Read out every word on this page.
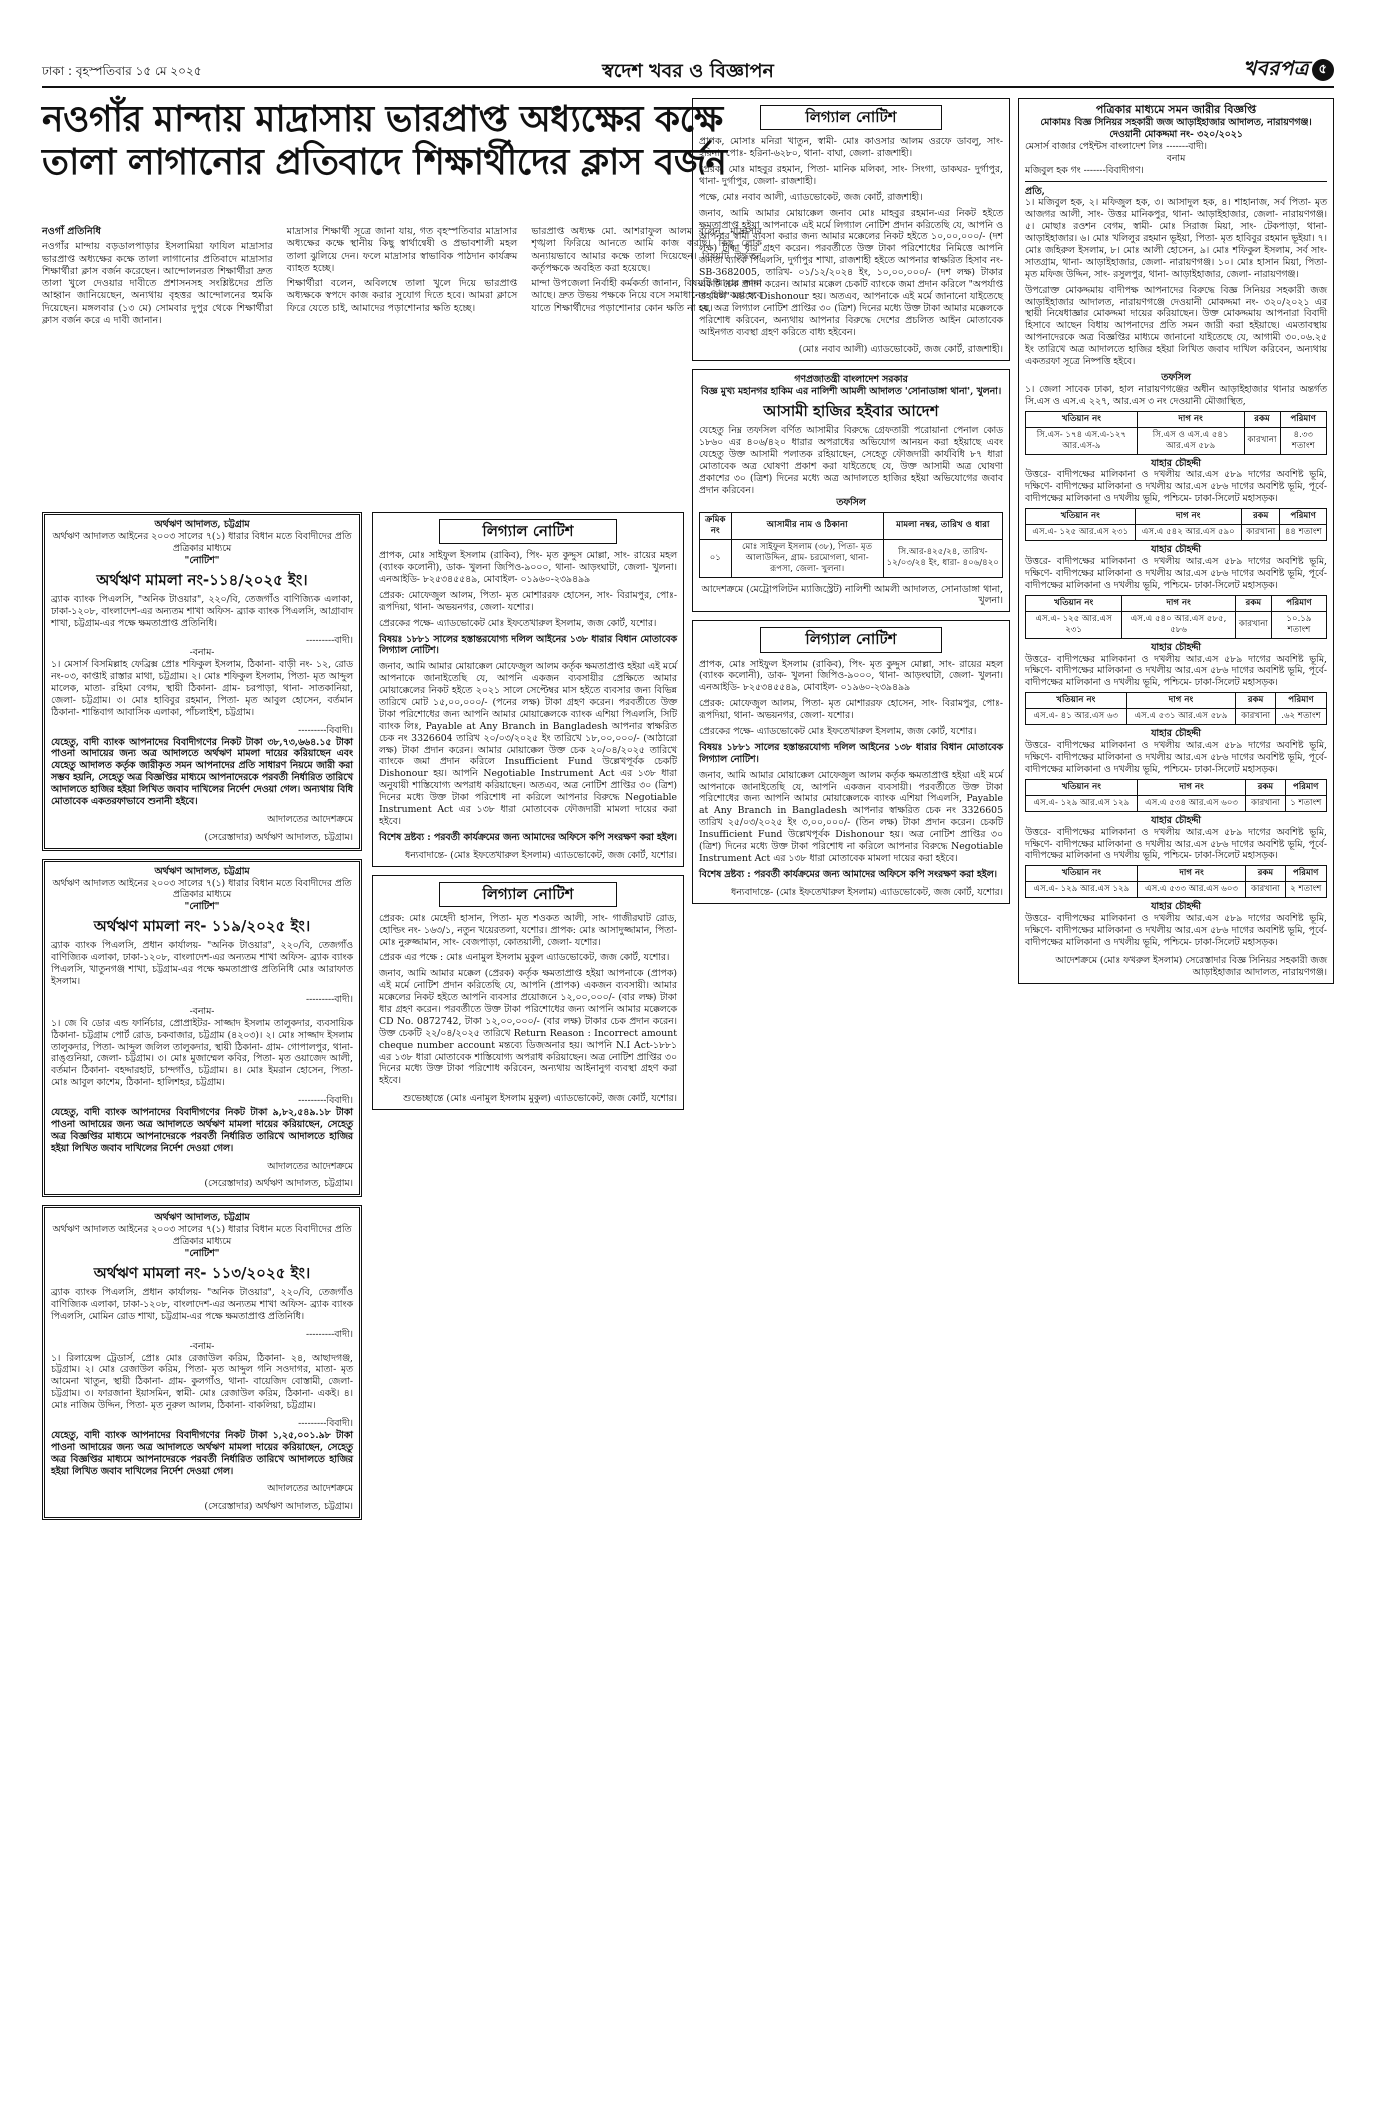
ঢাকা : বৃহস্পতিবার ১৫ মে ২০২৫	স্বদেশ খবর ও বিজ্ঞাপন	খবরপত্র ৫
নওগাঁর মান্দায় মাদ্রাসায় ভারপ্রাপ্ত অধ্যক্ষের কক্ষে তালা লাগানোর প্রতিবাদে শিক্ষার্থীদের ক্লাস বর্জন

নওগাঁ প্রতিনিধি

নওগাঁর মান্দায় বড়ডালপাড়ার ইসলামিয়া ফাযিল মাদ্রাসার ভারপ্রাপ্ত অধ্যক্ষের কক্ষে তালা লাগানোর প্রতিবাদে মাদ্রাসার শিক্ষার্থীরা ক্লাস বর্জন করেছেন। আন্দোলনরত শিক্ষার্থীরা দ্রুত তালা খুলে দেওয়ার দাবীতে প্রশাসনসহ সংশ্লিষ্টদের প্রতি আহ্বান জানিয়েছেন, অন্যথায় বৃহত্তর আন্দোলনের হুমকি দিয়েছেন। মঙ্গলবার (১৩ মে) সোমবার দুপুর থেকে শিক্ষার্থীরা ক্লাস বর্জন করে এ দাবী জানান।

মাদ্রাসার শিক্ষার্থী সূত্রে জানা যায়, গত বৃহস্পতিবার মাদ্রাসার অধ্যক্ষের কক্ষে স্থানীয় কিছু স্বার্থান্বেষী ও প্রভাবশালী মহল তালা ঝুলিয়ে দেন। ফলে মাদ্রাসার স্বাভাবিক পাঠদান কার্যক্রম ব্যাহত হচ্ছে।

শিক্ষার্থীরা বলেন, অবিলম্বে তালা খুলে দিয়ে ভারপ্রাপ্ত অধ্যক্ষকে স্বপদে কাজ করার সুযোগ দিতে হবে। আমরা ক্লাসে ফিরে যেতে চাই, আমাদের পড়াশোনার ক্ষতি হচ্ছে।

ভারপ্রাপ্ত অধ্যক্ষ মো. আশরাফুল আলম বলেন, মাদ্রাসার শৃঙ্খলা ফিরিয়ে আনতে আমি কাজ করছি। কিছু লোক অন্যায়ভাবে আমার কক্ষে তালা দিয়েছেন। বিষয়টি উর্দ্ধতন কর্তৃপক্ষকে অবহিত করা হয়েছে।

মান্দা উপজেলা নির্বাহী কর্মকর্তা জানান, বিষয়টি আমার জানা আছে। দ্রুত উভয় পক্ষকে নিয়ে বসে সমাধানের চেষ্টা করা হবে যাতে শিক্ষার্থীদের পড়াশোনার কোন ক্ষতি না হয়।

অর্থঋণ আদালত, চট্টগ্রাম
অর্থঋণ আদালত আইনের ২০০৩ সালের ৭(১) ধারার বিধান মতে বিবাদীদের প্রতি প্রত্রিকার মাধ্যমে
"নোটিশ"
অর্থঋণ মামলা নং-১১৪/২০২৫ ইং।
ব্র্যাক ব্যাংক পিএলসি, "অনিক টাওয়ার", ২২০/বি, তেজগাঁও বাণিজ্যিক এলাকা, ঢাকা-১২০৮, বাংলাদেশ-এর অন্যতম শাখা অফিস- ব্র্যাক ব্যাংক পিএলসি, আগ্রাবাদ শাখা, চট্টগ্রাম-এর পক্ষে ক্ষমতাপ্রাপ্ত প্রতিনিধি।
---------বাদী।
-বনাম-
১। মেসার্স বিসমিল্লাহ ফেব্রিক্স প্রোঃ শফিকুল ইসলাম, ঠিকানা- বাড়ী নং- ১২, রোড নং-০৩, কাপ্তাই রাস্তার মাথা, চট্টগ্রাম। ২। মোঃ শফিকুল ইসলাম, পিতা- মৃত আব্দুল মালেক, মাতা- রহিমা বেগম, স্থায়ী ঠিকানা- গ্রাম- চরপাড়া, থানা- সাতকানিয়া, জেলা- চট্টগ্রাম। ৩। মোঃ হাবিবুর রহমান, পিতা- মৃত আবুল হোসেন, বর্তমান ঠিকানা- শান্তিবাগ আবাসিক এলাকা, পাঁচলাইশ, চট্টগ্রাম।
---------বিবাদী।
যেহেতু, বাদী ব্যাংক আপনাদের বিবাদীগণের নিকট টাকা ৩৮,৭৩,৬৬৪.১৫ টাকা পাওনা আদায়ের জন্য অত্র আদালতে অর্থঋণ মামলা দায়ের করিয়াছেন এবং যেহেতু আদালত কর্তৃক জারীকৃত সমন আপনাদের প্রতি সাধারণ নিয়মে জারী করা সম্ভব হয়নি, সেহেতু অত্র বিজ্ঞপ্তির মাধ্যমে আপনাদেরকে পরবর্তী নির্ধারিত তারিখে আদালতে হাজির হইয়া লিখিত জবাব দাখিলের নির্দেশ দেওয়া গেল। অন্যথায় বিধি মোতাবেক একতরফাভাবে শুনানী হইবে।
আদালতের আদেশক্রমে
(সেরেস্তাদার) অর্থঋণ আদালত, চট্টগ্রাম।
অর্থঋণ আদালত, চট্টগ্রাম
অর্থঋণ আদালত আইনের ২০০৩ সালের ৭(১) ধারার বিধান মতে বিবাদীদের প্রতি প্রত্রিকার মাধ্যমে
"নোটিশ"
অর্থঋণ মামলা নং- ১১৯/২০২৫ ইং।
ব্র্যাক ব্যাংক পিএলসি, প্রধান কার্যালয়- "অনিক টাওয়ার", ২২০/বি, তেজগাঁও বাণিজ্যিক এলাকা, ঢাকা-১২০৮, বাংলাদেশ-এর অন্যতম শাখা অফিস- ব্র্যাক ব্যাংক পিএলসি, খাতুনগঞ্জ শাখা, চট্টগ্রাম-এর পক্ষে ক্ষমতাপ্রাপ্ত প্রতিনিধি মোঃ আরাফাত ইসলাম।
---------বাদী।
-বনাম-
১। জে বি ডোর এন্ড ফার্নিচার, প্রোপ্রাইটর- সাজ্জাদ ইসলাম তালুকদার, ব্যবসায়িক ঠিকানা- চট্টগ্রাম পোর্ট রোড, চকবাজার, চট্টগ্রাম (৪২০৩)। ২। মোঃ সাজ্জাদ ইসলাম তালুকদার, পিতা- আব্দুল জলিল তালুকদার, স্থায়ী ঠিকানা- গ্রাম- গোপালপুর, থানা- রাঙ্গুনিয়া, জেলা- চট্টগ্রাম। ৩। মোঃ মুজাম্মেল কবির, পিতা- মৃত ওয়াজেদ আলী, বর্তমান ঠিকানা- বহদ্দারহাট, চান্দগাঁও, চট্টগ্রাম। ৪। মোঃ ইমরান হোসেন, পিতা- মোঃ আবুল কাশেম, ঠিকানা- হালিশহর, চট্টগ্রাম।
---------বিবাদী।
যেহেতু, বাদী ব্যাংক আপনাদের বিবাদীগণের নিকট টাকা ৯,৮২,৫৪৯.১৮ টাকা পাওনা আদায়ের জন্য অত্র আদালতে অর্থঋণ মামলা দায়ের করিয়াছেন, সেহেতু অত্র বিজ্ঞপ্তির মাধ্যমে আপনাদেরকে পরবর্তী নির্ধারিত তারিখে আদালতে হাজির হইয়া লিখিত জবাব দাখিলের নির্দেশ দেওয়া গেল।
আদালতের আদেশক্রমে
(সেরেস্তাদার) অর্থঋণ আদালত, চট্টগ্রাম।
অর্থঋণ আদালত, চট্টগ্রাম
অর্থঋণ আদালত আইনের ২০০৩ সালের ৭(১) ধারার বিধান মতে বিবাদীদের প্রতি প্রত্রিকার মাধ্যমে
"নোটিশ"
অর্থঋণ মামলা নং- ১১৩/২০২৫ ইং।
ব্র্যাক ব্যাংক পিএলসি, প্রধান কার্যালয়- "অনিক টাওয়ার", ২২০/বি, তেজগাঁও বাণিজ্যিক এলাকা, ঢাকা-১২০৮, বাংলাদেশ-এর অন্যতম শাখা অফিস- ব্র্যাক ব্যাংক পিএলসি, মোমিন রোড শাখা, চট্টগ্রাম-এর পক্ষে ক্ষমতাপ্রাপ্ত প্রতিনিধি।
---------বাদী।
-বনাম-
১। রিলায়েন্স ট্রেডার্স, প্রোঃ মোঃ রেজাউল করিম, ঠিকানা- ২৪, আছাদগঞ্জ, চট্টগ্রাম। ২। মোঃ রেজাউল করিম, পিতা- মৃত আব্দুল গনি সওদাগর, মাতা- মৃত আমেনা খাতুন, স্থায়ী ঠিকানা- গ্রাম- কুলগাঁও, থানা- বায়েজিদ বোস্তামী, জেলা- চট্টগ্রাম। ৩। ফারজানা ইয়াসমিন, স্বামী- মোঃ রেজাউল করিম, ঠিকানা- একই। ৪। মোঃ নাজিম উদ্দিন, পিতা- মৃত নুরুল আলম, ঠিকানা- বাকলিয়া, চট্টগ্রাম।
---------বিবাদী।
যেহেতু, বাদী ব্যাংক আপনাদের বিবাদীগণের নিকট টাকা ১,২৫,০০১.৯৮ টাকা পাওনা আদায়ের জন্য অত্র আদালতে অর্থঋণ মামলা দায়ের করিয়াছেন, সেহেতু অত্র বিজ্ঞপ্তির মাধ্যমে আপনাদেরকে পরবর্তী নির্ধারিত তারিখে আদালতে হাজির হইয়া লিখিত জবাব দাখিলের নির্দেশ দেওয়া গেল।
আদালতের আদেশক্রমে
(সেরেস্তাদার) অর্থঋণ আদালত, চট্টগ্রাম।
লিগ্যাল নোটিশ
প্রাপক, মোঃ সাইফুল ইসলাম (রাকিব), পিং- মৃত কুদ্দুস মোল্লা, সাং- রায়ের মহল (ব্যাংক কলোনী), ডাক- খুলনা জিপিও-৯০০০, থানা- আড়ংঘাটা, জেলা- খুলনা। এনআইডি- ৮২৫৩৪৫৫৪৯, মোবাইল- ০১৯৬০-২৩৯৪৯৯
প্রেরক: মোফেজুল আলম, পিতা- মৃত মোশাররফ হোসেন, সাং- বিরামপুর, পোঃ- রূপদিয়া, থানা- অভয়নগর, জেলা- যশোর।
প্রেরকের পক্ষে- এ্যাডভোকেট মোঃ ইফতেখারুল ইসলাম, জজ কোর্ট, যশোর।
বিষয়ঃ ১৮৮১ সালের হস্তান্তরযোগ্য দলিল আইনের ১৩৮ ধারার বিধান মোতাবেক লিগ্যাল নোটিশ।
জনাব, আমি আমার মোয়াক্কেল মোফেজুল আলম কর্তৃক ক্ষমতাপ্রাপ্ত হইয়া এই মর্মে আপনাকে জানাইতেছি যে, আপনি একজন ব্যবসায়ীর প্রেক্ষিতে আমার মোয়াক্কেলের নিকট হইতে ২০২১ সালে সেপ্টেম্বর মাস হইতে ব্যবসার জন্য বিভিন্ন তারিখে মোট ১৫,০০,০০০/- (পনের লক্ষ) টাকা গ্রহণ করেন। পরবর্তীতে উক্ত টাকা পরিশোধের জন্য আপনি আমার মোয়াক্কেলকে ব্যাংক এশিয়া পিএলসি, সিটি ব্যাংক লিঃ, Payable at Any Branch in Bangladesh আপনার স্বাক্ষরিত চেক নং 3326604 তারিখ ২০/০৩/২০২৫ ইং তারিখে ১৮,০০,০০০/- (আঠারো লক্ষ) টাকা প্রদান করেন। আমার মোয়াক্কেল উক্ত চেক ২০/০৪/২০২৫ তারিখে ব্যাংকে জমা প্রদান করিলে Insufficient Fund উল্লেখপূর্বক চেকটি Dishonour হয়। আপনি Negotiable Instrument Act এর ১৩৮ ধারা অনুযায়ী শাস্তিযোগ্য অপরাধ করিয়াছেন। অতএব, অত্র নোটিশ প্রাপ্তির ৩০ (ত্রিশ) দিনের মধ্যে উক্ত টাকা পরিশোধ না করিলে আপনার বিরুদ্ধে Negotiable Instrument Act এর ১৩৮ ধারা মোতাবেক ফৌজদারী মামলা দায়ের করা হইবে।
বিশেষ দ্রষ্টব্য : পরবর্তী কার্যক্রমের জন্য আমাদের অফিসে কপি সংরক্ষণ করা হইল।
ধন্যবাদান্তে- (মোঃ ইফতেখারুল ইসলাম) এ্যাডভোকেট, জজ কোর্ট, যশোর।
লিগ্যাল নোটিশ
প্রেরক: মোঃ মেহেদী হাসান, পিতা- মৃত শওকত আলী, সাং- গাজীরঘাট রোড, হোল্ডিং নং- ১৬৩/১, নতুন খয়েরতলা, যশোর। প্রাপক: মোঃ আসাদুজ্জামান, পিতা- মোঃ নুরুজ্জামান, সাং- বেজপাড়া, কোতয়ালী, জেলা- যশোর।
প্রেরক এর পক্ষে : মোঃ এনামুল ইসলাম মুকুল এ্যাডভোকেট, জজ কোর্ট, যশোর।
জনাব, আমি আমার মক্কেল (প্রেরক) কর্তৃক ক্ষমতাপ্রাপ্ত হইয়া আপনাকে (প্রাপক) এই মর্মে নোটিশ প্রদান করিতেছি যে, আপনি (প্রাপক) একজন ব্যবসায়ী। আমার মক্কেলের নিকট হইতে আপনি ব্যবসার প্রয়োজনে ১২,০০,০০০/- (বার লক্ষ) টাকা ধার গ্রহণ করেন। পরবর্তীতে উক্ত টাকা পরিশোধের জন্য আপনি আমার মক্কেলকে CD No. 0872742, টাকা ১২,০০,০০০/- (বার লক্ষ) টাকার চেক প্রদান করেন। উক্ত চেকটি ২২/০৪/২০২৫ তারিখে Return Reason : Incorrect amount cheque number account মন্তব্যে ডিজঅনার হয়। আপনি N.I Act-১৮৮১ এর ১৩৮ ধারা মোতাবেক শাস্তিযোগ্য অপরাধ করিয়াছেন। অত্র নোটিশ প্রাপ্তির ৩০ দিনের মধ্যে উক্ত টাকা পরিশোধ করিবেন, অন্যথায় আইনানুগ ব্যবস্থা গ্রহণ করা হইবে।
শুভেচ্ছান্তে (মোঃ এনামুল ইসলাম মুকুল) এ্যাডভোকেট, জজ কোর্ট, যশোর।
লিগ্যাল নোটিশ
প্রাপক, মোসাঃ মনিরা খাতুন, স্বামী- মোঃ কাওসার আলম ওরফে ডাবলু, সাং- হরিনা, পোঃ- হরিনা-৬২৮০, থানা- বাঘা, জেলা- রাজশাহী।
প্রেরক, মোঃ মাহবুর রহমান, পিতা- মানিক মলিকা, সাং- সিংগা, ডাকঘর- দুর্গাপুর, থানা- দুর্গাপুর, জেলা- রাজশাহী।
পক্ষে, মোঃ নবাব আলী, এ্যাডভোকেট, জজ কোর্ট, রাজশাহী।
জনাব, আমি আমার মোয়াক্কেল জনাব মোঃ মাহবুর রহমান-এর নিকট হইতে ক্ষমতাপ্রাপ্ত হইয়া আপনাকে এই মর্মে লিগ্যাল নোটিশ প্রদান করিতেছি যে, আপনি ও আপনার স্বামী ব্যবসা করার জন্য আমার মক্কেলের নিকট হইতে ১০,০০,০০০/- (দশ লক্ষ) টাকা ধার গ্রহণ করেন। পরবর্তীতে উক্ত টাকা পরিশোধের নিমিত্তে আপনি জনতা ব্যাংক পিএলসি, দুর্গাপুর শাখা, রাজশাহী হইতে আপনার স্বাক্ষরিত হিসাব নং- SB-3682005, তারিখ- ০১/১২/২০২৪ ইং, ১০,০০,০০০/- (দশ লক্ষ) টাকার একটি চেক প্রদান করেন। আমার মক্কেল চেকটি ব্যাংকে জমা প্রদান করিলে "অপর্যাপ্ত তহবিল" মন্তব্যে Dishonour হয়। অতএব, আপনাকে এই মর্মে জানানো যাইতেছে যে, অত্র লিগ্যাল নোটিশ প্রাপ্তির ৩০ (ত্রিশ) দিনের মধ্যে উক্ত টাকা আমার মক্কেলকে পরিশোধ করিবেন, অন্যথায় আপনার বিরুদ্ধে দেশের প্রচলিত আইন মোতাবেক আইনগত ব্যবস্থা গ্রহণ করিতে বাধ্য হইবেন।
(মোঃ নবাব আলী) এ্যাডভোকেট, জজ কোর্ট, রাজশাহী।
গণপ্রজাতন্ত্রী বাংলাদেশ সরকার
বিজ্ঞ মুখ্য মহানগর হাকিম এর নালিশী আমলী আদালত 'সোনাডাঙ্গা থানা', খুলনা।
আসামী হাজির হইবার আদেশ
যেহেতু নিম্ন তফসিল বর্ণিত আসামীর বিরুদ্ধে গ্রেফতারী পরোয়ানা পেনাল কোড ১৮৬০ এর ৪০৬/৪২০ ধারার অপরাধের অভিযোগ আনয়ন করা হইয়াছে এবং যেহেতু উক্ত আসামী পলাতক রহিয়াছেন, সেহেতু ফৌজদারী কার্যবিধি ৮৭ ধারা মোতাবেক অত্র ঘোষণা প্রকাশ করা যাইতেছে যে, উক্ত আসামী অত্র ঘোষণা প্রকাশের ৩০ (ত্রিশ) দিনের মধ্যে অত্র আদালতে হাজির হইয়া অভিযোগের জবাব প্রদান করিবেন।
তফসিল
ক্রমিক নং	আসামীর নাম ও ঠিকানা	মামলা নম্বর, তারিখ ও ধারা
০১	মোঃ সাইফুল ইসলাম (৩৮), পিতা- মৃত আলাউদ্দিন, গ্রাম- চরমোগলা, থানা- রূপসা, জেলা- খুলনা।	সি.আর-৪২৫/২৪, তারিখ- ১২/০৩/২৪ ইং, ধারা- ৪০৬/৪২০
আদেশক্রমে (মেট্রোপলিটন ম্যাজিস্ট্রেট) নালিশী আমলী আদালত, সোনাডাঙ্গা থানা, খুলনা।
লিগ্যাল নোটিশ
প্রাপক, মোঃ সাইফুল ইসলাম (রাকিব), পিং- মৃত কুদ্দুস মোল্লা, সাং- রায়ের মহল (ব্যাংক কলোনী), ডাক- খুলনা জিপিও-৯০০০, থানা- আড়ংঘাটা, জেলা- খুলনা। এনআইডি- ৮২৫৩৪৫৫৪৯, মোবাইল- ০১৯৬০-২৩৯৪৯৯
প্রেরক: মোফেজুল আলম, পিতা- মৃত মোশাররফ হোসেন, সাং- বিরামপুর, পোঃ- রূপদিয়া, থানা- অভয়নগর, জেলা- যশোর।
প্রেরকের পক্ষে- এ্যাডভোকেট মোঃ ইফতেখারুল ইসলাম, জজ কোর্ট, যশোর।
বিষয়ঃ ১৮৮১ সালের হস্তান্তরযোগ্য দলিল আইনের ১৩৮ ধারার বিধান মোতাবেক লিগ্যাল নোটিশ।
জনাব, আমি আমার মোয়াক্কেল মোফেজুল আলম কর্তৃক ক্ষমতাপ্রাপ্ত হইয়া এই মর্মে আপনাকে জানাইতেছি যে, আপনি একজন ব্যবসায়ী। পরবর্তীতে উক্ত টাকা পরিশোধের জন্য আপনি আমার মোয়াক্কেলকে ব্যাংক এশিয়া পিএলসি, Payable at Any Branch in Bangladesh আপনার স্বাক্ষরিত চেক নং 3326605 তারিখ ২৫/০৩/২০২৫ ইং ৩,০০,০০০/- (তিন লক্ষ) টাকা প্রদান করেন। চেকটি Insufficient Fund উল্লেখপূর্বক Dishonour হয়। অত্র নোটিশ প্রাপ্তির ৩০ (ত্রিশ) দিনের মধ্যে উক্ত টাকা পরিশোধ না করিলে আপনার বিরুদ্ধে Negotiable Instrument Act এর ১৩৮ ধারা মোতাবেক মামলা দায়ের করা হইবে।
বিশেষ দ্রষ্টব্য : পরবর্তী কার্যক্রমের জন্য আমাদের অফিসে কপি সংরক্ষণ করা হইল।
ধন্যবাদান্তে- (মোঃ ইফতেখারুল ইসলাম) এ্যাডভোকেট, জজ কোর্ট, যশোর।
পত্রিকার মাধ্যমে সমন জারীর বিজ্ঞপ্তি
মোকামঃ বিজ্ঞ সিনিয়র সহকারী জজ আড়াইহাজার আদালত, নারায়ণগঞ্জ।
দেওয়ানী মোকদ্দমা নং- ৩২০/২০২১
মেসার্স বাজার পেইন্টস বাংলাদেশ লিঃ -------বাদী।
বনাম
মজিবুল হক গং -------বিবাদীগণ।
প্রতি,
১। মজিবুল হক, ২। মফিজুল হক, ৩। আসাদুল হক, ৪। শাহানাজ, সর্ব পিতা- মৃত আজগর আলী, সাং- উত্তর মানিকপুর, থানা- আড়াইহাজার, জেলা- নারায়ণগঞ্জ। ৫। মোছাঃ রওশন বেগম, স্বামী- মোঃ সিরাজ মিয়া, সাং- টেকপাড়া, থানা- আড়াইহাজার। ৬। মোঃ খলিলুর রহমান ভূইয়া, পিতা- মৃত হাবিবুর রহমান ভূইয়া। ৭। মোঃ জহিরুল ইসলাম, ৮। মোঃ আলী হোসেন, ৯। মোঃ শফিকুল ইসলাম, সর্ব সাং- সাতগ্রাম, থানা- আড়াইহাজার, জেলা- নারায়ণগঞ্জ। ১০। মোঃ হাসান মিয়া, পিতা- মৃত মফিজ উদ্দিন, সাং- রসুলপুর, থানা- আড়াইহাজার, জেলা- নারায়ণগঞ্জ।
উপরোক্ত মোকদ্দমায় বাদীপক্ষ আপনাদের বিরুদ্ধে বিজ্ঞ সিনিয়র সহকারী জজ আড়াইহাজার আদালত, নারায়ণগঞ্জে দেওয়ানী মোকদ্দমা নং- ৩২০/২০২১ এর স্থায়ী নিষেধাজ্ঞার মোকদ্দমা দায়ের করিয়াছেন। উক্ত মোকদ্দমায় আপনারা বিবাদী হিসাবে আছেন বিধায় আপনাদের প্রতি সমন জারী করা হইয়াছে। এমতাবস্থায় আপনাদেরকে অত্র বিজ্ঞপ্তির মাধ্যমে জানানো যাইতেছে যে, আগামী ৩০.০৬.২৫ ইং তারিখে অত্র আদালতে হাজির হইয়া লিখিত জবাব দাখিল করিবেন, অন্যথায় একতরফা সূত্রে নিষ্পত্তি হইবে।
তফসিল
১। জেলা সাবেক ঢাকা, হাল নারায়ণগঞ্জের অধীন আড়াইহাজার থানার অন্তর্গত সি.এস ও এস.এ ২২৭, আর.এস ৩ নং দেওয়ানী মৌজাস্থিত,
খতিয়ান নং	দাগ নং	রকম	পরিমাণ
সি.এস- ১৭৪ এস.এ-১২৭ আর.এস-৯	সি.এস ও এস.এ ৫৪১ আর.এস ৫৮৯	কারখানা	৪.৩৩ শতাংশ
যাহার চৌহদ্দী
উত্তরে- বাদীপক্ষের মালিকানা ও দখলীয় আর.এস ৫৮৯ দাগের অবশিষ্ট ভূমি, দক্ষিণে- বাদীপক্ষের মালিকানা ও দখলীয় আর.এস ৫৮৬ দাগের অবশিষ্ট ভূমি, পূর্বে- বাদীপক্ষের মালিকানা ও দখলীয় ভূমি, পশ্চিমে- ঢাকা-সিলেট মহাসড়ক।
খতিয়ান নং	দাগ নং	রকম	পরিমাণ
এস.এ- ১২৫ আর.এস ২৩১	এস.এ ৫৪২ আর.এস ৫৯০	কারখানা	৪৪ শতাংশ
যাহার চৌহদ্দী
উত্তরে- বাদীপক্ষের মালিকানা ও দখলীয় আর.এস ৫৮৯ দাগের অবশিষ্ট ভূমি, দক্ষিণে- বাদীপক্ষের মালিকানা ও দখলীয় আর.এস ৫৮৬ দাগের অবশিষ্ট ভূমি, পূর্বে- বাদীপক্ষের মালিকানা ও দখলীয় ভূমি, পশ্চিমে- ঢাকা-সিলেট মহাসড়ক।
খতিয়ান নং	দাগ নং	রকম	পরিমাণ
এস.এ- ১২৫ আর.এস ২৩১	এস.এ ৫৪০ আর.এস ৫৮৫, ৫৮৬	কারখানা	১০.১৯ শতাংশ
যাহার চৌহদ্দী
উত্তরে- বাদীপক্ষের মালিকানা ও দখলীয় আর.এস ৫৮৯ দাগের অবশিষ্ট ভূমি, দক্ষিণে- বাদীপক্ষের মালিকানা ও দখলীয় আর.এস ৫৮৬ দাগের অবশিষ্ট ভূমি, পূর্বে- বাদীপক্ষের মালিকানা ও দখলীয় ভূমি, পশ্চিমে- ঢাকা-সিলেট মহাসড়ক।
খতিয়ান নং	দাগ নং	রকম	পরিমাণ
এস.এ- ৪১ আর.এস ৬৩	এস.এ ৫৩১ আর.এস ৫৮৯	কারখানা	.৬২ শতাংশ
যাহার চৌহদ্দী
উত্তরে- বাদীপক্ষের মালিকানা ও দখলীয় আর.এস ৫৮৯ দাগের অবশিষ্ট ভূমি, দক্ষিণে- বাদীপক্ষের মালিকানা ও দখলীয় আর.এস ৫৮৬ দাগের অবশিষ্ট ভূমি, পূর্বে- বাদীপক্ষের মালিকানা ও দখলীয় ভূমি, পশ্চিমে- ঢাকা-সিলেট মহাসড়ক।
খতিয়ান নং	দাগ নং	রকম	পরিমাণ
এস.এ- ১২৯ আর.এস ১২৯	এস.এ ৫৩৪ আর.এস ৬০৩	কারখানা	১ শতাংশ
যাহার চৌহদ্দী
উত্তরে- বাদীপক্ষের মালিকানা ও দখলীয় আর.এস ৫৮৯ দাগের অবশিষ্ট ভূমি, দক্ষিণে- বাদীপক্ষের মালিকানা ও দখলীয় আর.এস ৫৮৬ দাগের অবশিষ্ট ভূমি, পূর্বে- বাদীপক্ষের মালিকানা ও দখলীয় ভূমি, পশ্চিমে- ঢাকা-সিলেট মহাসড়ক।
খতিয়ান নং	দাগ নং	রকম	পরিমাণ
এস.এ- ১২৯ আর.এস ১২৯	এস.এ ৫৩৩ আর.এস ৬০৩	কারখানা	২ শতাংশ
যাহার চৌহদ্দী
উত্তরে- বাদীপক্ষের মালিকানা ও দখলীয় আর.এস ৫৮৯ দাগের অবশিষ্ট ভূমি, দক্ষিণে- বাদীপক্ষের মালিকানা ও দখলীয় আর.এস ৫৮৬ দাগের অবশিষ্ট ভূমি, পূর্বে- বাদীপক্ষের মালিকানা ও দখলীয় ভূমি, পশ্চিমে- ঢাকা-সিলেট মহাসড়ক।
আদেশক্রমে (মোঃ ফখরুল ইসলাম) সেরেস্তাদার বিজ্ঞ সিনিয়র সহকারী জজ আড়াইহাজার আদালত, নারায়ণগঞ্জ।
